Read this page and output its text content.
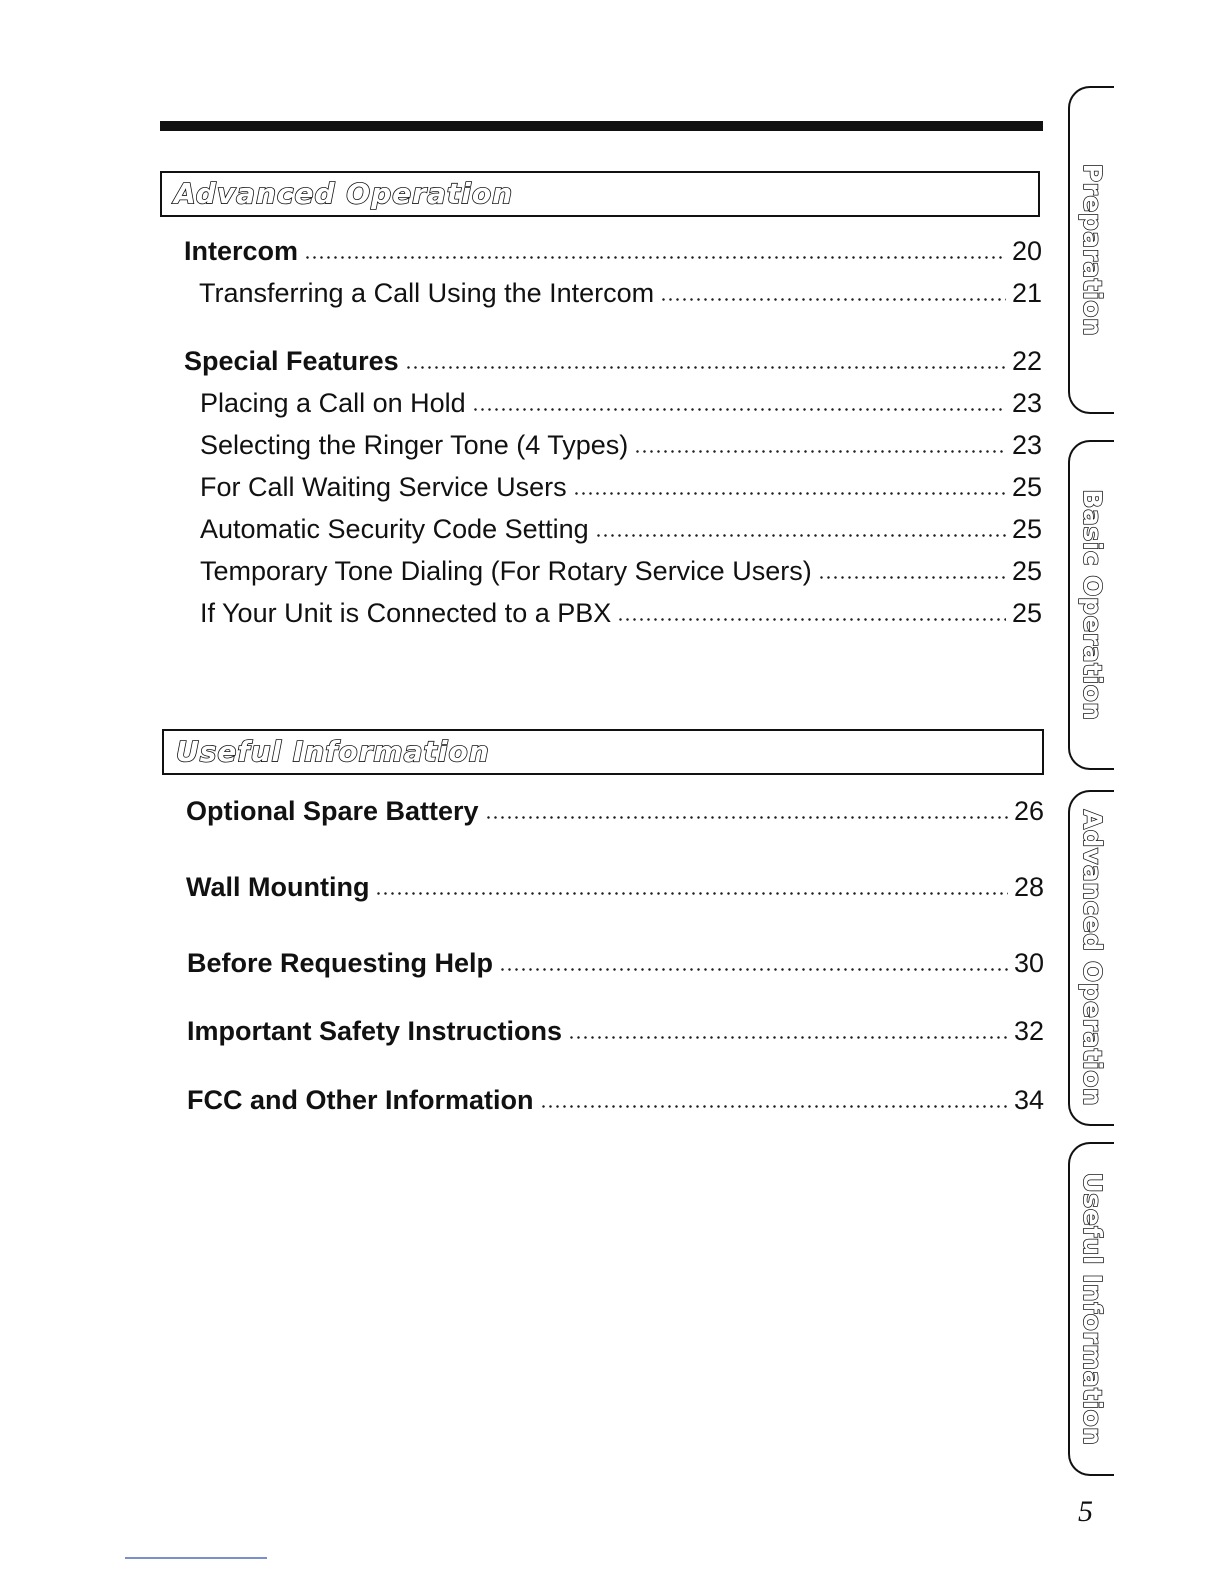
Advanced Operation
Intercom	20
Transferring a Call Using the Intercom	21
Special Features	22
Placing a Call on Hold	23
Selecting the Ringer Tone (4 Types)	23
For Call Waiting Service Users	25
Automatic Security Code Setting	25
Temporary Tone Dialing (For Rotary Service Users)	25
If Your Unit is Connected to a PBX	25
Useful Information
Optional Spare Battery	26
Wall Mounting	28
Before Requesting Help	30
Important Safety Instructions	32
FCC and Other Information	34
Preparation
Basic Operation
Advanced Operation
Useful Information
5
